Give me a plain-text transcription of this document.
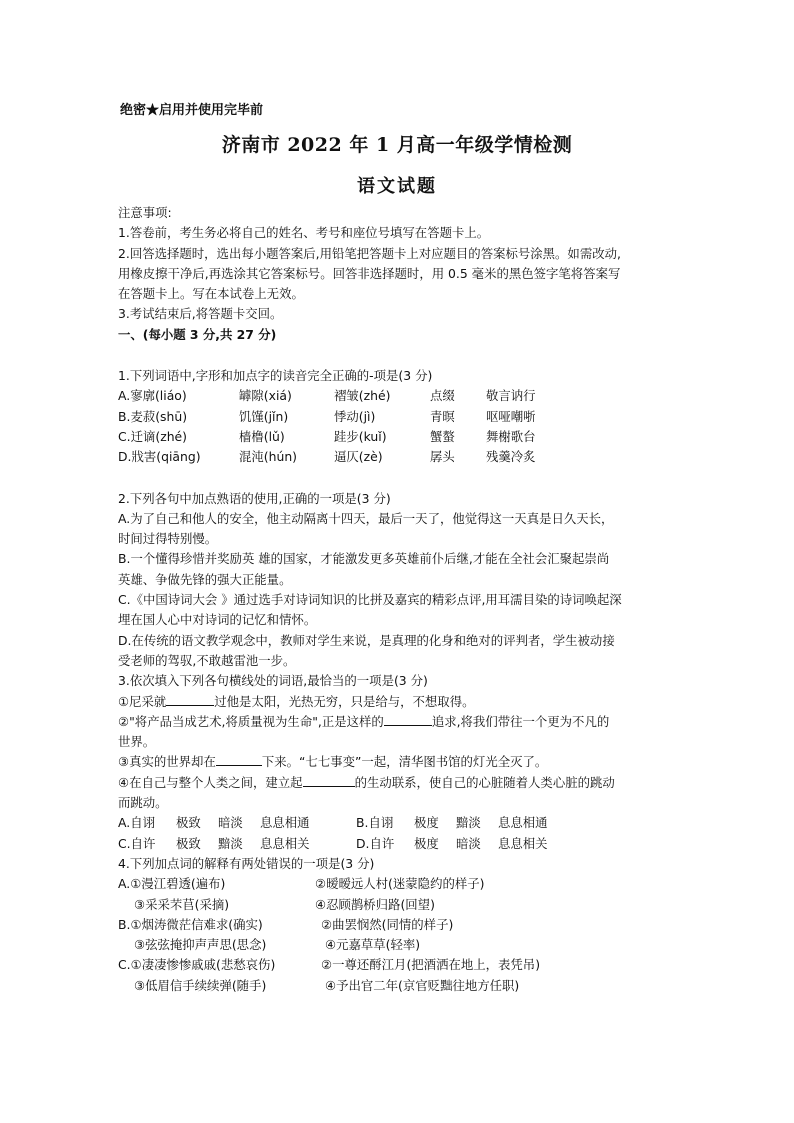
绝密★启用并使用完毕前
济南市 2022 年 1 月高一年级学情检测
语文试题
注意事项:
1.答卷前，考生务必将自己的姓名、考号和座位号填写在答题卡上。
2.回答选择题时，选出每小题答案后,用铅笔把答题卡上对应题目的答案标号涂黑。如需改动,
用橡皮擦干净后,再选涂其它答案标号。回答非选择题时，用 0.5 毫米的黑色签字笔将答案写
在答题卡上。写在本试卷上无效。
3.考试结束后,将答题卡交回。
一、(每小题 3 分,共 27 分)
1.下列词语中,字形和加点字的读音完全正确的-项是(3 分)
A.寥廓(liáo)	罅隙(xiá)	褶皱(zhé)	点缀	敬言讷行
B.麦菽(shū)	饥馑(jǐn)	悸动(jì)	青暝	呕哑嘲哳
C.迁谪(zhé)	樯橹(lǔ)	跬步(kuǐ)	蟹螯	舞榭歌台
D.戕害(qiāng)	混沌(hún)	逼仄(zè)	孱头	残羹冷炙
2.下列各句中加点熟语的使用,正确的一项是(3 分)
A.为了自己和他人的安全，他主动隔离十四天，最后一天了，他觉得这一天真是日久天长，
时间过得特别慢。
B.一个懂得珍惜并奖励英 雄的国家，才能激发更多英雄前仆后继,才能在全社会汇聚起崇尚
英雄、争做先锋的强大正能量。
C.《中国诗词大会 》通过选手对诗词知识的比拼及嘉宾的精彩点评,用耳濡目染的诗词唤起深
埋在国人心中对诗词的记忆和情怀。
D.在传统的语文教学观念中，教师对学生来说，是真理的化身和绝对的评判者，学生被动接
受老师的驾驭,不敢越雷池一步。
3.依次填入下列各句横线处的词语,最恰当的一项是(3 分)
①尼采就	过他是太阳，光热无穷，只是给与，不想取得。
②"将产品当成艺术,将质量视为生命",正是这样的	追求,将我们带往一个更为不凡的
世界。
③真实的世界却在	下来。“七七事变”一起，清华图书馆的灯光全灭了。
④在自己与整个人类之间，建立起	的生动联系，使自己的心脏随着人类心脏的跳动
而跳动。
A.自诩	极致	暗淡	息息相通	B.自诩	极度	黯淡	息息相通
C.自许	极致	黯淡	息息相关	D.自许	极度	暗淡	息息相关
4.下列加点词的解释有两处错误的一项是(3 分)
A.①漫江碧透(遍布)	②暧暧远人村(迷蒙隐约的样子)
③采采芣苢(采摘)	④忍顾鹊桥归路(回望)
B.①烟涛微茫信难求(确实)	②曲罢悯然(同情的样子)
③弦弦掩抑声声思(思念)	④元嘉草草(轻率)
C.①凄凄惨惨戚戚(悲愁哀伤)	②一尊还酹江月(把酒洒在地上，表凭吊)
③低眉信手续续弹(随手)	④予出官二年(京官贬黜往地方任职)
